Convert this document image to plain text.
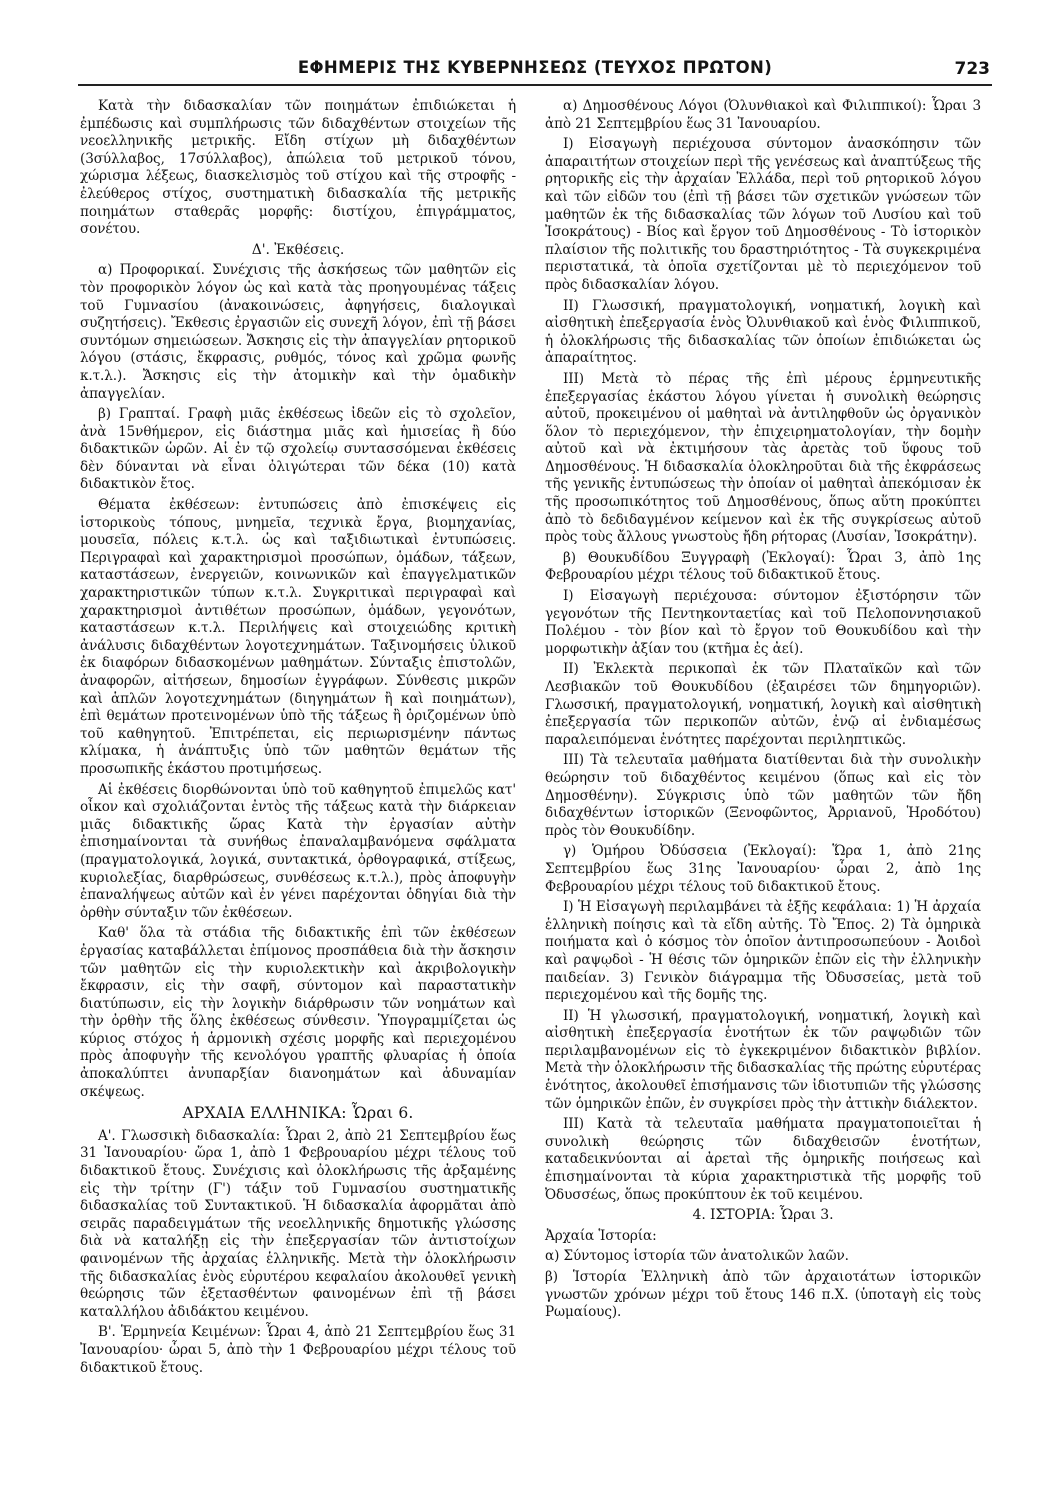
ΕΦΗΜΕΡΙΣ ΤΗΣ ΚΥΒΕΡΝΗΣΕΩΣ (ΤΕΥΧΟΣ ΠΡΩΤΟΝ)	723

Κατὰ τὴν διδασκαλίαν τῶν ποιημάτων ἐπιδιώκεται ἡ ἐμπέδωσις καὶ συμπλήρωσις τῶν διδαχθέντων στοιχείων τῆς νεοελληνικῆς μετρικῆς. Εἴδη στίχων μὴ διδαχθέντων (3σύλλαβος, 17σύλλαβος), ἀπώλεια τοῦ μετρικοῦ τόνου, χώρισμα λέξεως, διασκελισμὸς τοῦ στίχου καὶ τῆς στροφῆς - ἐλεύθερος στίχος, συστηματικὴ διδασκαλία τῆς μετρικῆς ποιημάτων σταθερᾶς μορφῆς: διστίχου, ἐπιγράμματος, σονέτου.

Δ'. Ἐκθέσεις.

α) Προφορικαί. Συνέχισις τῆς ἀσκήσεως τῶν μαθητῶν εἰς τὸν προφορικὸν λόγον ὡς καὶ κατὰ τὰς προηγουμένας τάξεις τοῦ Γυμνασίου (ἀνακοινώσεις, ἀφηγήσεις, διαλογικαὶ συζητήσεις). Ἔκθεσις ἐργασιῶν εἰς συνεχῆ λόγον, ἐπὶ τῇ βάσει συντόμων σημειώσεων. Ἄσκησις εἰς τὴν ἀπαγγελίαν ρητορικοῦ λόγου (στάσις, ἔκφρασις, ρυθμός, τόνος καὶ χρῶμα φωνῆς κ.τ.λ.). Ἄσκησις εἰς τὴν ἀτομικὴν καὶ τὴν ὁμαδικὴν ἀπαγγελίαν.

β) Γραπταί. Γραφὴ μιᾶς ἐκθέσεως ἰδεῶν εἰς τὸ σχολεῖον, ἀνὰ 15νθήμερον, εἰς διάστημα μιᾶς καὶ ἡμισείας ἢ δύο διδακτικῶν ὡρῶν. Αἱ ἐν τῷ σχολείῳ συντασσόμεναι ἐκθέσεις δὲν δύνανται νὰ εἶναι ὀλιγώτεραι τῶν δέκα (10) κατὰ διδακτικὸν ἔτος.

Θέματα ἐκθέσεων: ἐντυπώσεις ἀπὸ ἐπισκέψεις εἰς ἱστορικοὺς τόπους, μνημεῖα, τεχνικὰ ἔργα, βιομηχανίας, μουσεῖα, πόλεις κ.τ.λ. ὡς καὶ ταξιδιωτικαὶ ἐντυπώσεις. Περιγραφαὶ καὶ χαρακτηρισμοὶ προσώπων, ὁμάδων, τάξεων, καταστάσεων, ἐνεργειῶν, κοινωνικῶν καὶ ἐπαγγελματικῶν χαρακτηριστικῶν τύπων κ.τ.λ. Συγκριτικαὶ περιγραφαὶ καὶ χαρακτηρισμοὶ ἀντιθέτων προσώπων, ὁμάδων, γεγονότων, καταστάσεων κ.τ.λ. Περιλήψεις καὶ στοιχειώδης κριτικὴ ἀνάλυσις διδαχθέντων λογοτεχνημάτων. Ταξινομήσεις ὑλικοῦ ἐκ διαφόρων διδασκομένων μαθημάτων. Σύνταξις ἐπιστολῶν, ἀναφορῶν, αἰτήσεων, δημοσίων ἐγγράφων. Σύνθεσις μικρῶν καὶ ἁπλῶν λογοτεχνημάτων (διηγημάτων ἢ καὶ ποιημάτων), ἐπὶ θεμάτων προτεινομένων ὑπὸ τῆς τάξεως ἢ ὁριζομένων ὑπὸ τοῦ καθηγητοῦ. Ἐπιτρέπεται, εἰς περιωρισμένην πάντως κλίμακα, ἡ ἀνάπτυξις ὑπὸ τῶν μαθητῶν θεμάτων τῆς προσωπικῆς ἑκάστου προτιμήσεως.

Αἱ ἐκθέσεις διορθώνονται ὑπὸ τοῦ καθηγητοῦ ἐπιμελῶς κατ' οἶκον καὶ σχολιάζονται ἐντὸς τῆς τάξεως κατὰ τὴν διάρκειαν μιᾶς διδακτικῆς ὥρας Κατὰ τὴν ἐργασίαν αὐτὴν ἐπισημαίνονται τὰ συνήθως ἐπαναλαμβανόμενα σφάλματα (πραγματολογικά, λογικά, συντακτικά, ὀρθογραφικά, στίξεως, κυριολεξίας, διαρθρώσεως, συνθέσεως κ.τ.λ.), πρὸς ἀποφυγὴν ἐπαναλήψεως αὐτῶν καὶ ἐν γένει παρέχονται ὁδηγίαι διὰ τὴν ὀρθὴν σύνταξιν τῶν ἐκθέσεων.

Καθ' ὅλα τὰ στάδια τῆς διδακτικῆς ἐπὶ τῶν ἐκθέσεων ἐργασίας καταβάλλεται ἐπίμονος προσπάθεια διὰ τὴν ἄσκησιν τῶν μαθητῶν εἰς τὴν κυριολεκτικὴν καὶ ἀκριβολογικὴν ἔκφρασιν, εἰς τὴν σαφῆ, σύντομον καὶ παραστατικὴν διατύπωσιν, εἰς τὴν λογικὴν διάρθρωσιν τῶν νοημάτων καὶ τὴν ὀρθὴν τῆς ὅλης ἐκθέσεως σύνθεσιν. Ὑπογραμμίζεται ὡς κύριος στόχος ἡ ἁρμονικὴ σχέσις μορφῆς καὶ περιεχομένου πρὸς ἀποφυγὴν τῆς κενολόγου γραπτῆς φλυαρίας ἡ ὁποία ἀποκαλύπτει ἀνυπαρξίαν διανοημάτων καὶ ἀδυναμίαν σκέψεως.

ΑΡΧΑΙΑ ΕΛΛΗΝΙΚΑ: Ὧραι 6.

Α'. Γλωσσικὴ διδασκαλία: Ὧραι 2, ἀπὸ 21 Σεπτεμβρίου ἕως 31 Ἰανουαρίου· ὥρα 1, ἀπὸ 1 Φεβρουαρίου μέχρι τέλους τοῦ διδακτικοῦ ἔτους. Συνέχισις καὶ ὁλοκλήρωσις τῆς ἀρξαμένης εἰς τὴν τρίτην (Γ') τάξιν τοῦ Γυμνασίου συστηματικῆς διδασκαλίας τοῦ Συντακτικοῦ. Ἡ διδασκαλία ἀφορμᾶται ἀπὸ σειρᾶς παραδειγμάτων τῆς νεοελληνικῆς δημοτικῆς γλώσσης διὰ νὰ καταλήξῃ εἰς τὴν ἐπεξεργασίαν τῶν ἀντιστοίχων φαινομένων τῆς ἀρχαίας ἑλληνικῆς. Μετὰ τὴν ὁλοκλήρωσιν τῆς διδασκαλίας ἑνὸς εὐρυτέρου κεφαλαίου ἀκολουθεῖ γενικὴ θεώρησις τῶν ἐξετασθέντων φαινομένων ἐπὶ τῇ βάσει καταλλήλου ἀδιδάκτου κειμένου.

Β'. Ἑρμηνεία Κειμένων: Ὧραι 4, ἀπὸ 21 Σεπτεμβρίου ἕως 31 Ἰανουαρίου· ὧραι 5, ἀπὸ τὴν 1 Φεβρουαρίου μέχρι τέλους τοῦ διδακτικοῦ ἔτους.

α) Δημοσθένους Λόγοι (Ὀλυνθιακοὶ καὶ Φιλιππικοί): Ὧραι 3 ἀπὸ 21 Σεπτεμβρίου ἕως 31 Ἰανουαρίου.

Ι) Εἰσαγωγὴ περιέχουσα σύντομον ἀνασκόπησιν τῶν ἀπαραιτήτων στοιχείων περὶ τῆς γενέσεως καὶ ἀναπτύξεως τῆς ρητορικῆς εἰς τὴν ἀρχαίαν Ἑλλάδα, περὶ τοῦ ρητορικοῦ λόγου καὶ τῶν εἰδῶν του (ἐπὶ τῇ βάσει τῶν σχετικῶν γνώσεων τῶν μαθητῶν ἐκ τῆς διδασκαλίας τῶν λόγων τοῦ Λυσίου καὶ τοῦ Ἰσοκράτους) - Βίος καὶ ἔργον τοῦ Δημοσθένους - Τὸ ἱστορικὸν πλαίσιον τῆς πολιτικῆς του δραστηριότητος - Τὰ συγκεκριμένα περιστατικά, τὰ ὁποῖα σχετίζονται μὲ τὸ περιεχόμενον τοῦ πρὸς διδασκαλίαν λόγου.

ΙΙ) Γλωσσική, πραγματολογική, νοηματική, λογικὴ καὶ αἰσθητικὴ ἐπεξεργασία ἑνὸς Ὀλυνθιακοῦ καὶ ἑνὸς Φιλιππικοῦ, ἡ ὁλοκλήρωσις τῆς διδασκαλίας τῶν ὁποίων ἐπιδιώκεται ὡς ἀπαραίτητος.

ΙΙΙ) Μετὰ τὸ πέρας τῆς ἐπὶ μέρους ἑρμηνευτικῆς ἐπεξεργασίας ἑκάστου λόγου γίνεται ἡ συνολικὴ θεώρησις αὐτοῦ, προκειμένου οἱ μαθηταὶ νὰ ἀντιληφθοῦν ὡς ὀργανικὸν ὅλον τὸ περιεχόμενον, τὴν ἐπιχειρηματολογίαν, τὴν δομὴν αὐτοῦ καὶ νὰ ἐκτιμήσουν τὰς ἀρετὰς τοῦ ὕφους τοῦ Δημοσθένους. Ἡ διδασκαλία ὁλοκληροῦται διὰ τῆς ἐκφράσεως τῆς γενικῆς ἐντυπώσεως τὴν ὁποίαν οἱ μαθηταὶ ἀπεκόμισαν ἐκ τῆς προσωπικότητος τοῦ Δημοσθένους, ὅπως αὕτη προκύπτει ἀπὸ τὸ δεδιδαγμένον κείμενον καὶ ἐκ τῆς συγκρίσεως αὐτοῦ πρὸς τοὺς ἄλλους γνωστοὺς ἤδη ρήτορας (Λυσίαν, Ἰσοκράτην).

β) Θουκυδίδου Ξυγγραφὴ (Ἐκλογαί): Ὧραι 3, ἀπὸ 1ης Φεβρουαρίου μέχρι τέλους τοῦ διδακτικοῦ ἔτους.

Ι) Εἰσαγωγὴ περιέχουσα: σύντομον ἐξιστόρησιν τῶν γεγονότων τῆς Πεντηκονταετίας καὶ τοῦ Πελοποννησιακοῦ Πολέμου - τὸν βίον καὶ τὸ ἔργον τοῦ Θουκυδίδου καὶ τὴν μορφωτικὴν ἀξίαν του (κτῆμα ἐς ἀεί).

ΙΙ) Ἐκλεκτὰ περικοπαὶ ἐκ τῶν Πλαταϊκῶν καὶ τῶν Λεσβιακῶν τοῦ Θουκυδίδου (ἐξαιρέσει τῶν δημηγοριῶν). Γλωσσική, πραγματολογική, νοηματική, λογικὴ καὶ αἰσθητικὴ ἐπεξεργασία τῶν περικοπῶν αὐτῶν, ἐνῷ αἱ ἐνδιαμέσως παραλειπόμεναι ἑνότητες παρέχονται περιληπτικῶς.

ΙΙΙ) Τὰ τελευταῖα μαθήματα διατίθενται διὰ τὴν συνολικὴν θεώρησιν τοῦ διδαχθέντος κειμένου (ὅπως καὶ εἰς τὸν Δημοσθένην). Σύγκρισις ὑπὸ τῶν μαθητῶν τῶν ἤδη διδαχθέντων ἱστορικῶν (Ξενοφῶντος, Ἀρριανοῦ, Ἡροδότου) πρὸς τὸν Θουκυδίδην.

γ) Ὁμήρου Ὀδύσσεια (Ἐκλογαί): Ὥρα 1, ἀπὸ 21ης Σεπτεμβρίου ἕως 31ης Ἰανουαρίου· ὧραι 2, ἀπὸ 1ης Φεβρουαρίου μέχρι τέλους τοῦ διδακτικοῦ ἔτους.

Ι) Ἡ Εἰσαγωγὴ περιλαμβάνει τὰ ἑξῆς κεφάλαια: 1) Ἡ ἀρχαία ἑλληνικὴ ποίησις καὶ τὰ εἴδη αὐτῆς. Τὸ Ἔπος. 2) Τὰ ὁμηρικὰ ποιήματα καὶ ὁ κόσμος τὸν ὁποῖον ἀντιπροσωπεύουν - Ἀοιδοὶ καὶ ραψῳδοὶ - Ἡ θέσις τῶν ὁμηρικῶν ἐπῶν εἰς τὴν ἑλληνικὴν παιδείαν. 3) Γενικὸν διάγραμμα τῆς Ὀδυσσείας, μετὰ τοῦ περιεχομένου καὶ τῆς δομῆς της.

ΙΙ) Ἡ γλωσσική, πραγματολογική, νοηματική, λογικὴ καὶ αἰσθητικὴ ἐπεξεργασία ἑνοτήτων ἐκ τῶν ραψῳδιῶν τῶν περιλαμβανομένων εἰς τὸ ἐγκεκριμένον διδακτικὸν βιβλίον. Μετὰ τὴν ὁλοκλήρωσιν τῆς διδασκαλίας τῆς πρώτης εὐρυτέρας ἑνότητος, ἀκολουθεῖ ἐπισήμανσις τῶν ἰδιοτυπιῶν τῆς γλώσσης τῶν ὁμηρικῶν ἐπῶν, ἐν συγκρίσει πρὸς τὴν ἀττικὴν διάλεκτον.

ΙΙΙ) Κατὰ τὰ τελευταῖα μαθήματα πραγματοποιεῖται ἡ συνολικὴ θεώρησις τῶν διδαχθεισῶν ἑνοτήτων, καταδεικνύονται αἱ ἀρεταὶ τῆς ὁμηρικῆς ποιήσεως καὶ ἐπισημαίνονται τὰ κύρια χαρακτηριστικὰ τῆς μορφῆς τοῦ Ὀδυσσέως, ὅπως προκύπτουν ἐκ τοῦ κειμένου.

4. ΙΣΤΟΡΙΑ: Ὧραι 3.

Ἀρχαία Ἱστορία:

α) Σύντομος ἱστορία τῶν ἀνατολικῶν λαῶν.

β) Ἱστορία Ἑλληνικὴ ἀπὸ τῶν ἀρχαιοτάτων ἱστορικῶν γνωστῶν χρόνων μέχρι τοῦ ἔτους 146 π.Χ. (ὑποταγὴ εἰς τοὺς Ρωμαίους).
